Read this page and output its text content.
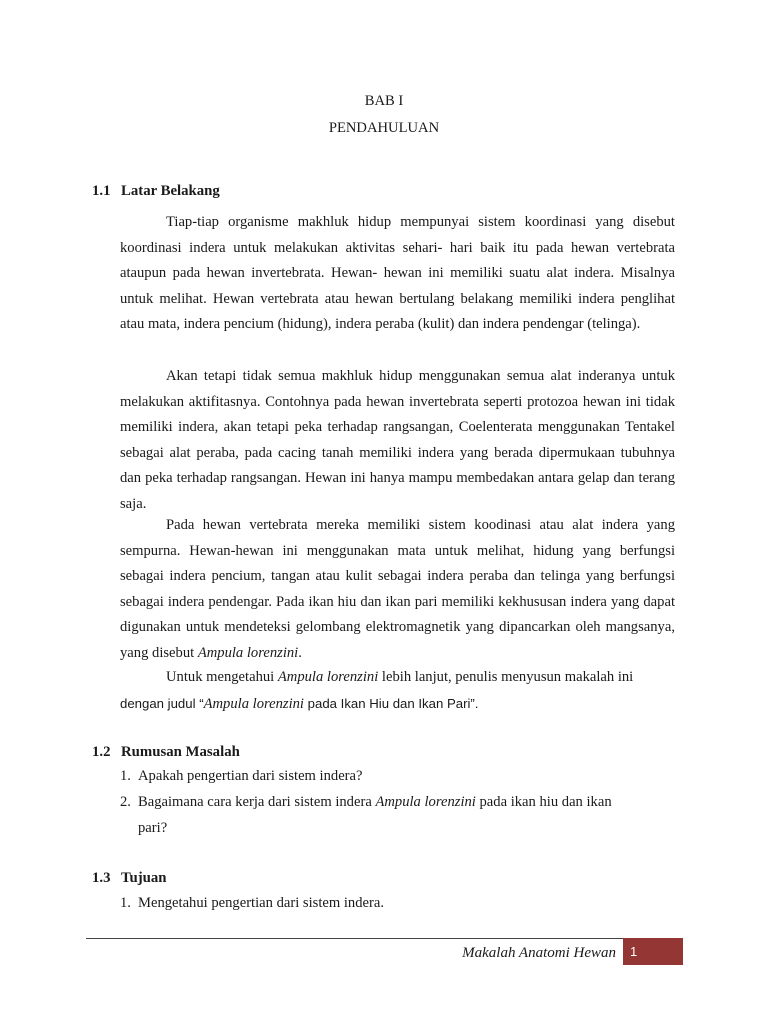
BAB I
PENDAHULUAN
1.1 Latar Belakang

Tiap-tiap organisme makhluk hidup mempunyai sistem koordinasi yang disebut koordinasi indera untuk melakukan aktivitas sehari- hari baik itu pada hewan vertebrata ataupun pada hewan invertebrata. Hewan- hewan ini memiliki suatu alat indera. Misalnya untuk melihat. Hewan vertebrata atau hewan bertulang belakang memiliki indera penglihat atau mata, indera pencium (hidung), indera peraba (kulit) dan indera pendengar (telinga).

Akan tetapi tidak semua makhluk hidup menggunakan semua alat inderanya untuk melakukan aktifitasnya. Contohnya pada hewan invertebrata seperti protozoa hewan ini tidak memiliki indera, akan tetapi peka terhadap rangsangan, Coelenterata menggunakan Tentakel sebagai alat peraba, pada cacing tanah memiliki indera yang berada dipermukaan tubuhnya dan peka terhadap rangsangan. Hewan ini hanya mampu membedakan antara gelap dan terang saja.

Pada hewan vertebrata mereka memiliki sistem koodinasi atau alat indera yang sempurna. Hewan-hewan ini menggunakan mata untuk melihat, hidung yang berfungsi sebagai indera pencium, tangan atau kulit sebagai indera peraba dan telinga yang berfungsi sebagai indera pendengar. Pada ikan hiu dan ikan pari memiliki kekhususan indera yang dapat digunakan untuk mendeteksi gelombang elektromagnetik yang dipancarkan oleh mangsanya, yang disebut Ampula lorenzini.

Untuk mengetahui Ampula lorenzini lebih lanjut, penulis menyusun makalah ini

dengan judul “Ampula lorenzini pada Ikan Hiu dan Ikan Pari”.
1.2 Rumusan Masalah
1. Apakah pengertian dari sistem indera?
2. Bagaimana cara kerja dari sistem indera Ampula lorenzini pada ikan hiu dan ikan
pari?
1.3 Tujuan
1. Mengetahui pengertian dari sistem indera.
Makalah Anatomi Hewan	1
